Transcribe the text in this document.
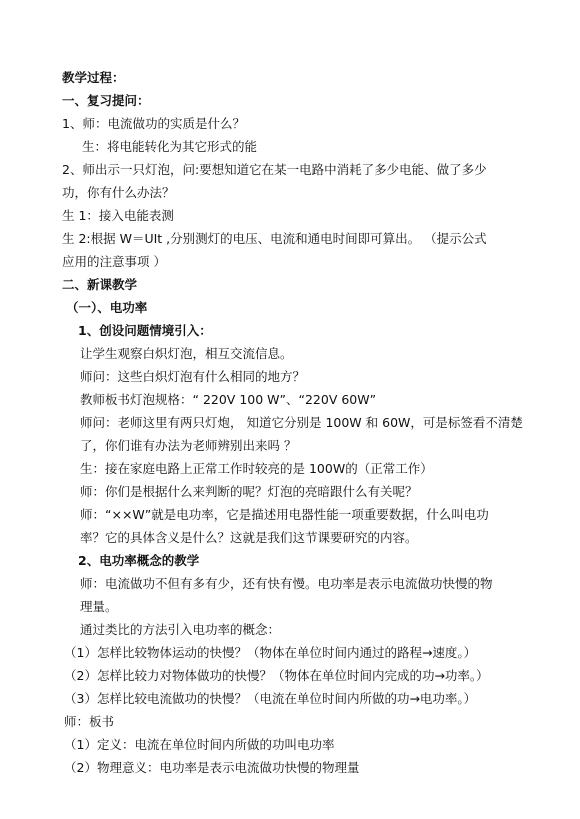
教学过程：
一、复习提问：
1、师：电流做功的实质是什么？
生：将电能转化为其它形式的能
2、师出示一只灯泡，问:要想知道它在某一电路中消耗了多少电能、做了多少
功，你有什么办法？
生 1：接入电能表测
生 2:根据 W＝UIt ,分别测灯的电压、电流和通电时间即可算出。 （提示公式
应用的注意事项 ）
二、新课教学
（一）、电功率
1、创设问题情境引入：
让学生观察白炽灯泡，相互交流信息。
师问：这些白炽灯泡有什么相同的地方？
教师板书灯泡规格：“ 220V 100 W”、“220V 60W”
师问：老师这里有两只灯炮， 知道它分别是 100W 和 60W，可是标签看不清楚
了，你们谁有办法为老师辨别出来吗 ？
生：接在家庭电路上正常工作时较亮的是 100W的（正常工作）
师：你们是根据什么来判断的呢？灯泡的亮暗跟什么有关呢？
师：“××W”就是电功率，它是描述用电器性能一项重要数据，什么叫电功
率？它的具体含义是什么？这就是我们这节课要研究的内容。
2、电功率概念的教学
师：电流做功不但有多有少，还有快有慢。电功率是表示电流做功快慢的物
理量。
通过类比的方法引入电功率的概念：
（1）怎样比较物体运动的快慢？（物体在单位时间内通过的路程→速度。）
（2）怎样比较力对物体做功的快慢？（物体在单位时间内完成的功→功率。）
（3）怎样比较电流做功的快慢？（电流在单位时间内所做的功→电功率。）
师：板书
（1）定义：电流在单位时间内所做的功叫电功率
（2）物理意义：电功率是表示电流做功快慢的物理量
